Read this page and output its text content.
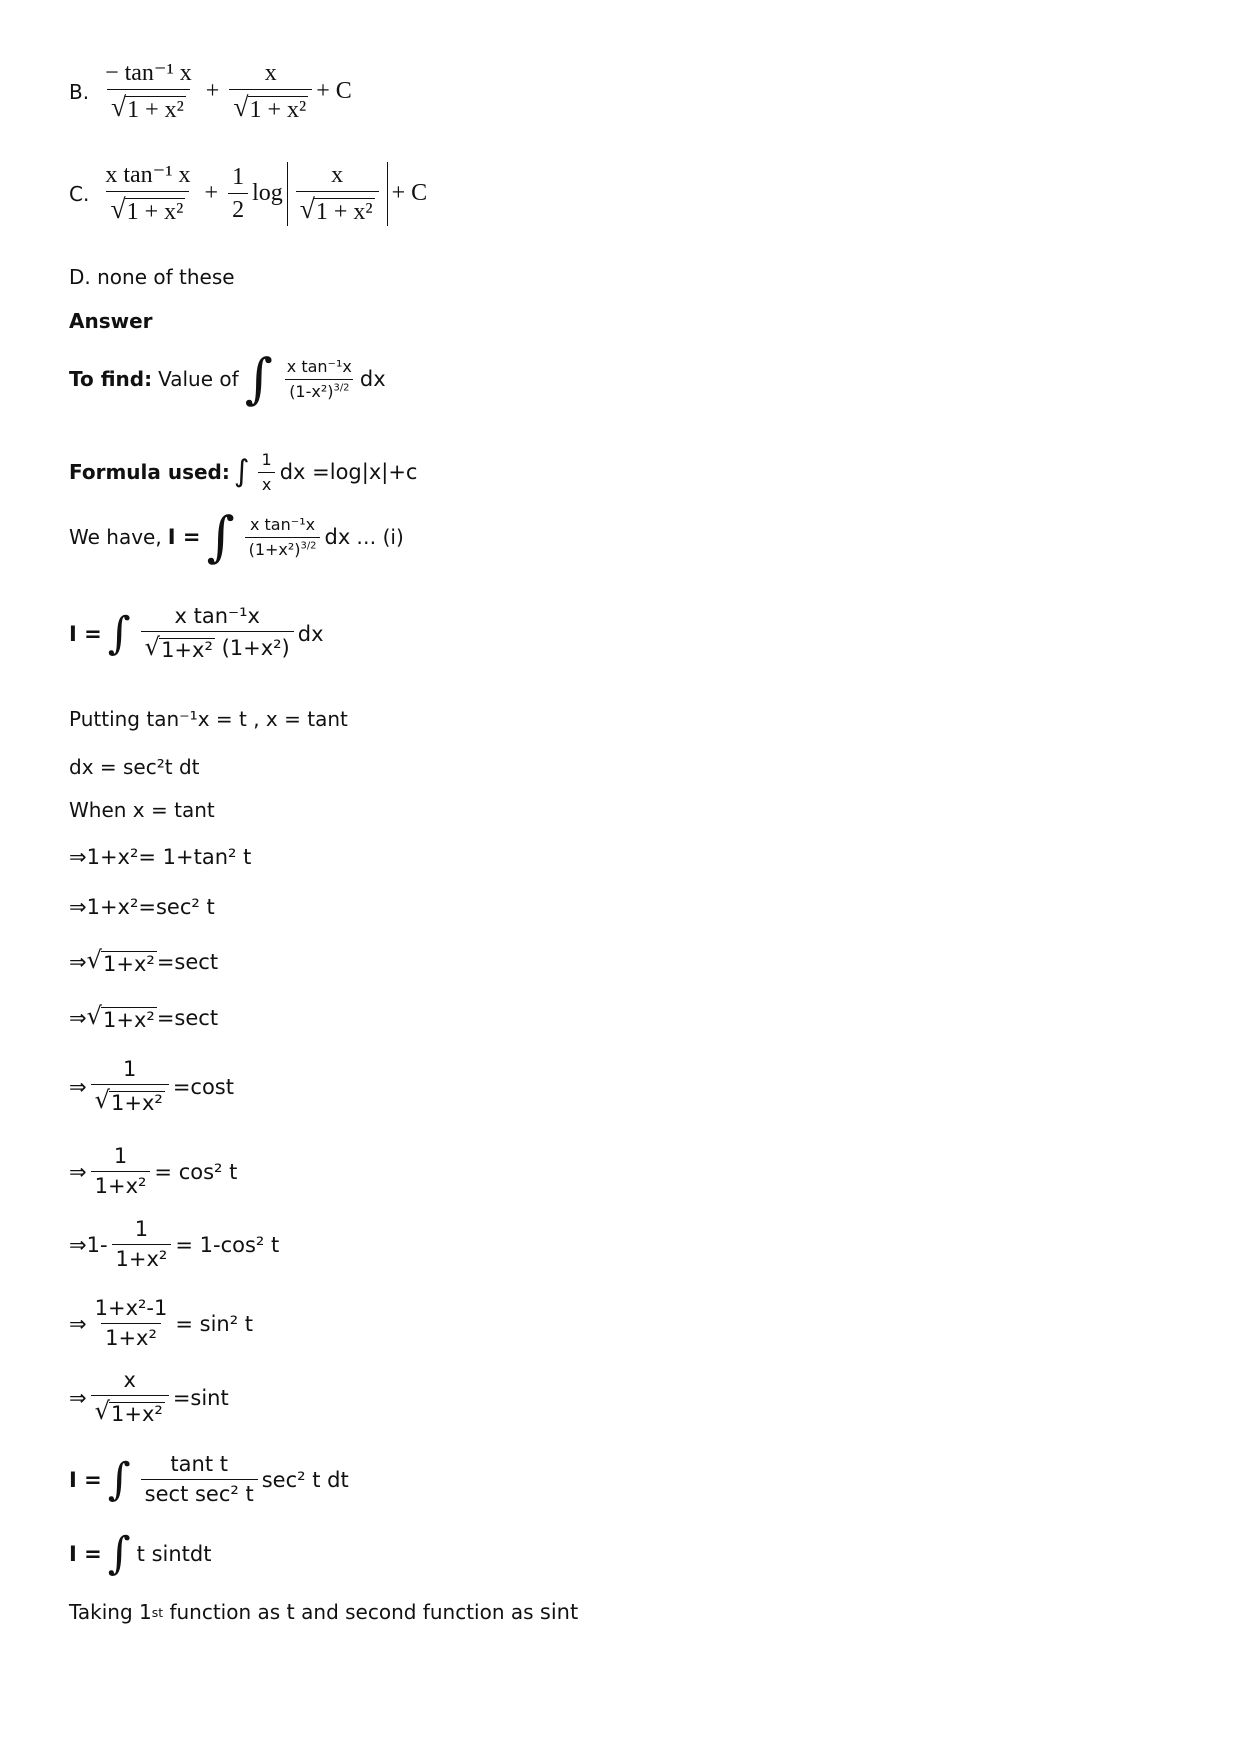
B. $\frac{\text{− tan⁻¹ x}}{\text{√ 1 + x²}} + \frac{x}{\text{√ 1 + x²}} + C$
C. $\frac{\text{x tan⁻¹ x}}{\text{√ 1 + x²}} + \frac{1}{2}$ $\log \frac{x}{\text{√ 1 + x²}} + C$
D. none of these
Answer
To find: Value of ∫ $\frac{\text{x tan⁻¹x}}{(1-x^2)^{3/2}}$ dx
Formula used: ∫ $\frac{1}{x}$ dx =log|x|+c
We have, I = ∫ $\frac{\text{x tan⁻¹x}}{(1+x^2)^{3/2}}$ dx … (i)
I = ∫ $\frac{\text{x tan⁻¹x}}{\text{√ 1+x² (1+x²)}}$ dx
Putting tan⁻¹x = t , x = tant
dx = sec²t dt
When x = tant
⇒1+x²= 1+tan² t
⇒1+x²=sec² t
⇒ √ 1+x² =sect
⇒ √ 1+x² =sect
⇒ $\frac{1}{\text{√ 1+x²}} =\cos t$
⇒ $\frac{1}{\text{1+x²}} = \cos^2$ t
⇒1- $\frac{1}{\text{1+x²}} = 1-\cos^2$ t
⇒ $\frac{\text{1+x²-1}}{\text{1+x²}} = \sin^2$ t
⇒ $\frac{x}{\text{√ 1+x²}} =\sin t$
I = ∫ $\frac{\text{tant t}}{\text{sect sec² t}} \sec^2$ t dt
I = ∫ t sintdt
Taking 1 st function as t and second function as sint
